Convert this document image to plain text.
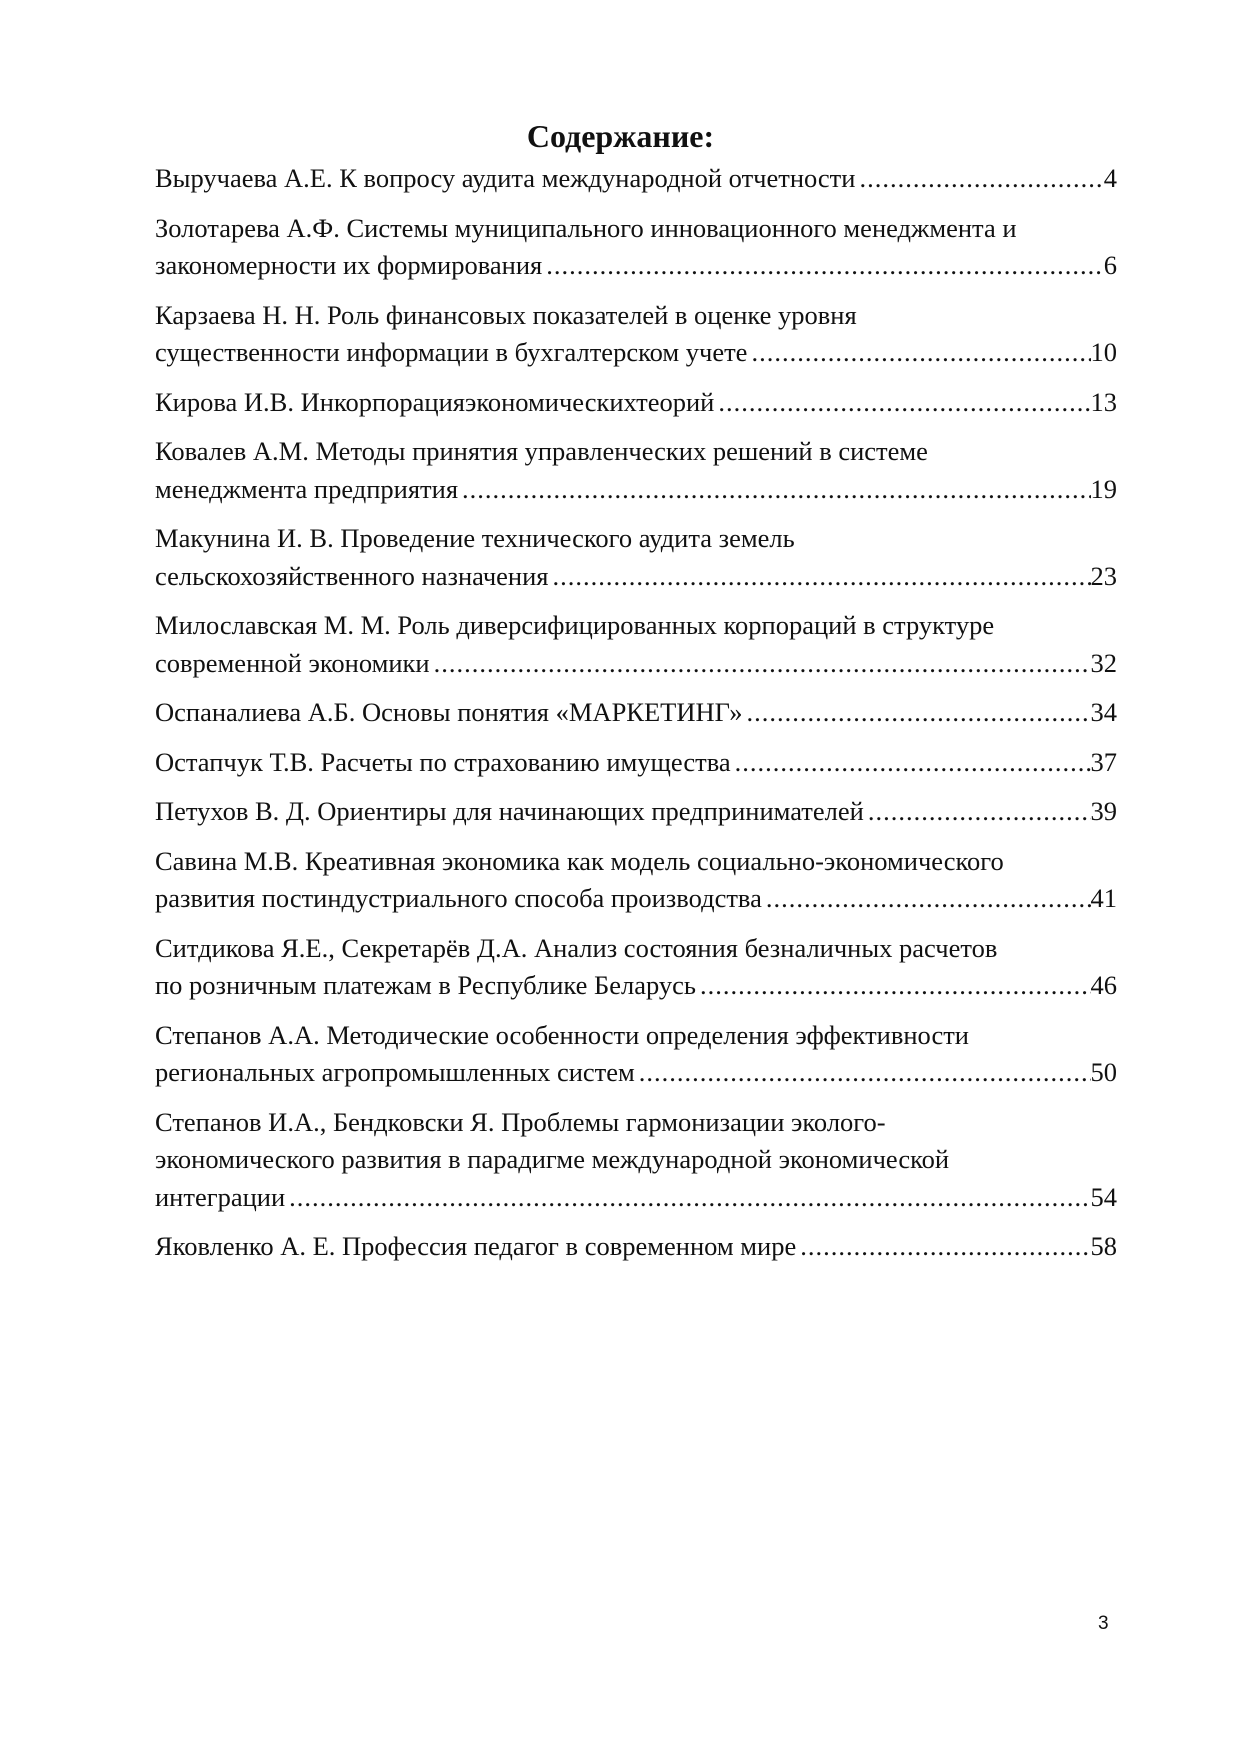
Содержание:
Выручаева А.Е. К вопросу аудита международной отчетности .....	4
Золотарева А.Ф. Системы муниципального инновационного менеджмента и
закономерности их формирования .....	6
Карзаева Н. Н. Роль финансовых показателей в оценке уровня
существенности информации в бухгалтерском учете .....	10
Кирова И.В. Инкорпорацияэкономическихтеорий .....	13
Ковалев А.М. Методы принятия управленческих решений в системе
менеджмента предприятия .....	19
Макунина И. В. Проведение технического аудита земель
сельскохозяйственного назначения .....	23
Милославская М. М. Роль диверсифицированных корпораций в структуре
современной экономики .....	32
Оспаналиева А.Б. Основы понятия «МАРКЕТИНГ» .....	34
Остапчук Т.В. Расчеты по страхованию имущества .....	37
Петухов В. Д. Ориентиры для начинающих предпринимателей .....	39
Савина М.В. Креативная экономика как модель социально-экономического
развития постиндустриального способа производства .....	41
Ситдикова Я.Е., Секретарёв Д.А. Анализ состояния безналичных расчетов
по розничным платежам в Республике Беларусь .....	46
Степанов А.А. Методические особенности определения эффективности
региональных агропромышленных систем .....	50
Степанов И.А., Бендковски Я. Проблемы гармонизации эколого-
экономического развития в парадигме международной экономической
интеграции .....	54
Яковленко А. Е. Профессия педагог в современном мире .....	58
3
